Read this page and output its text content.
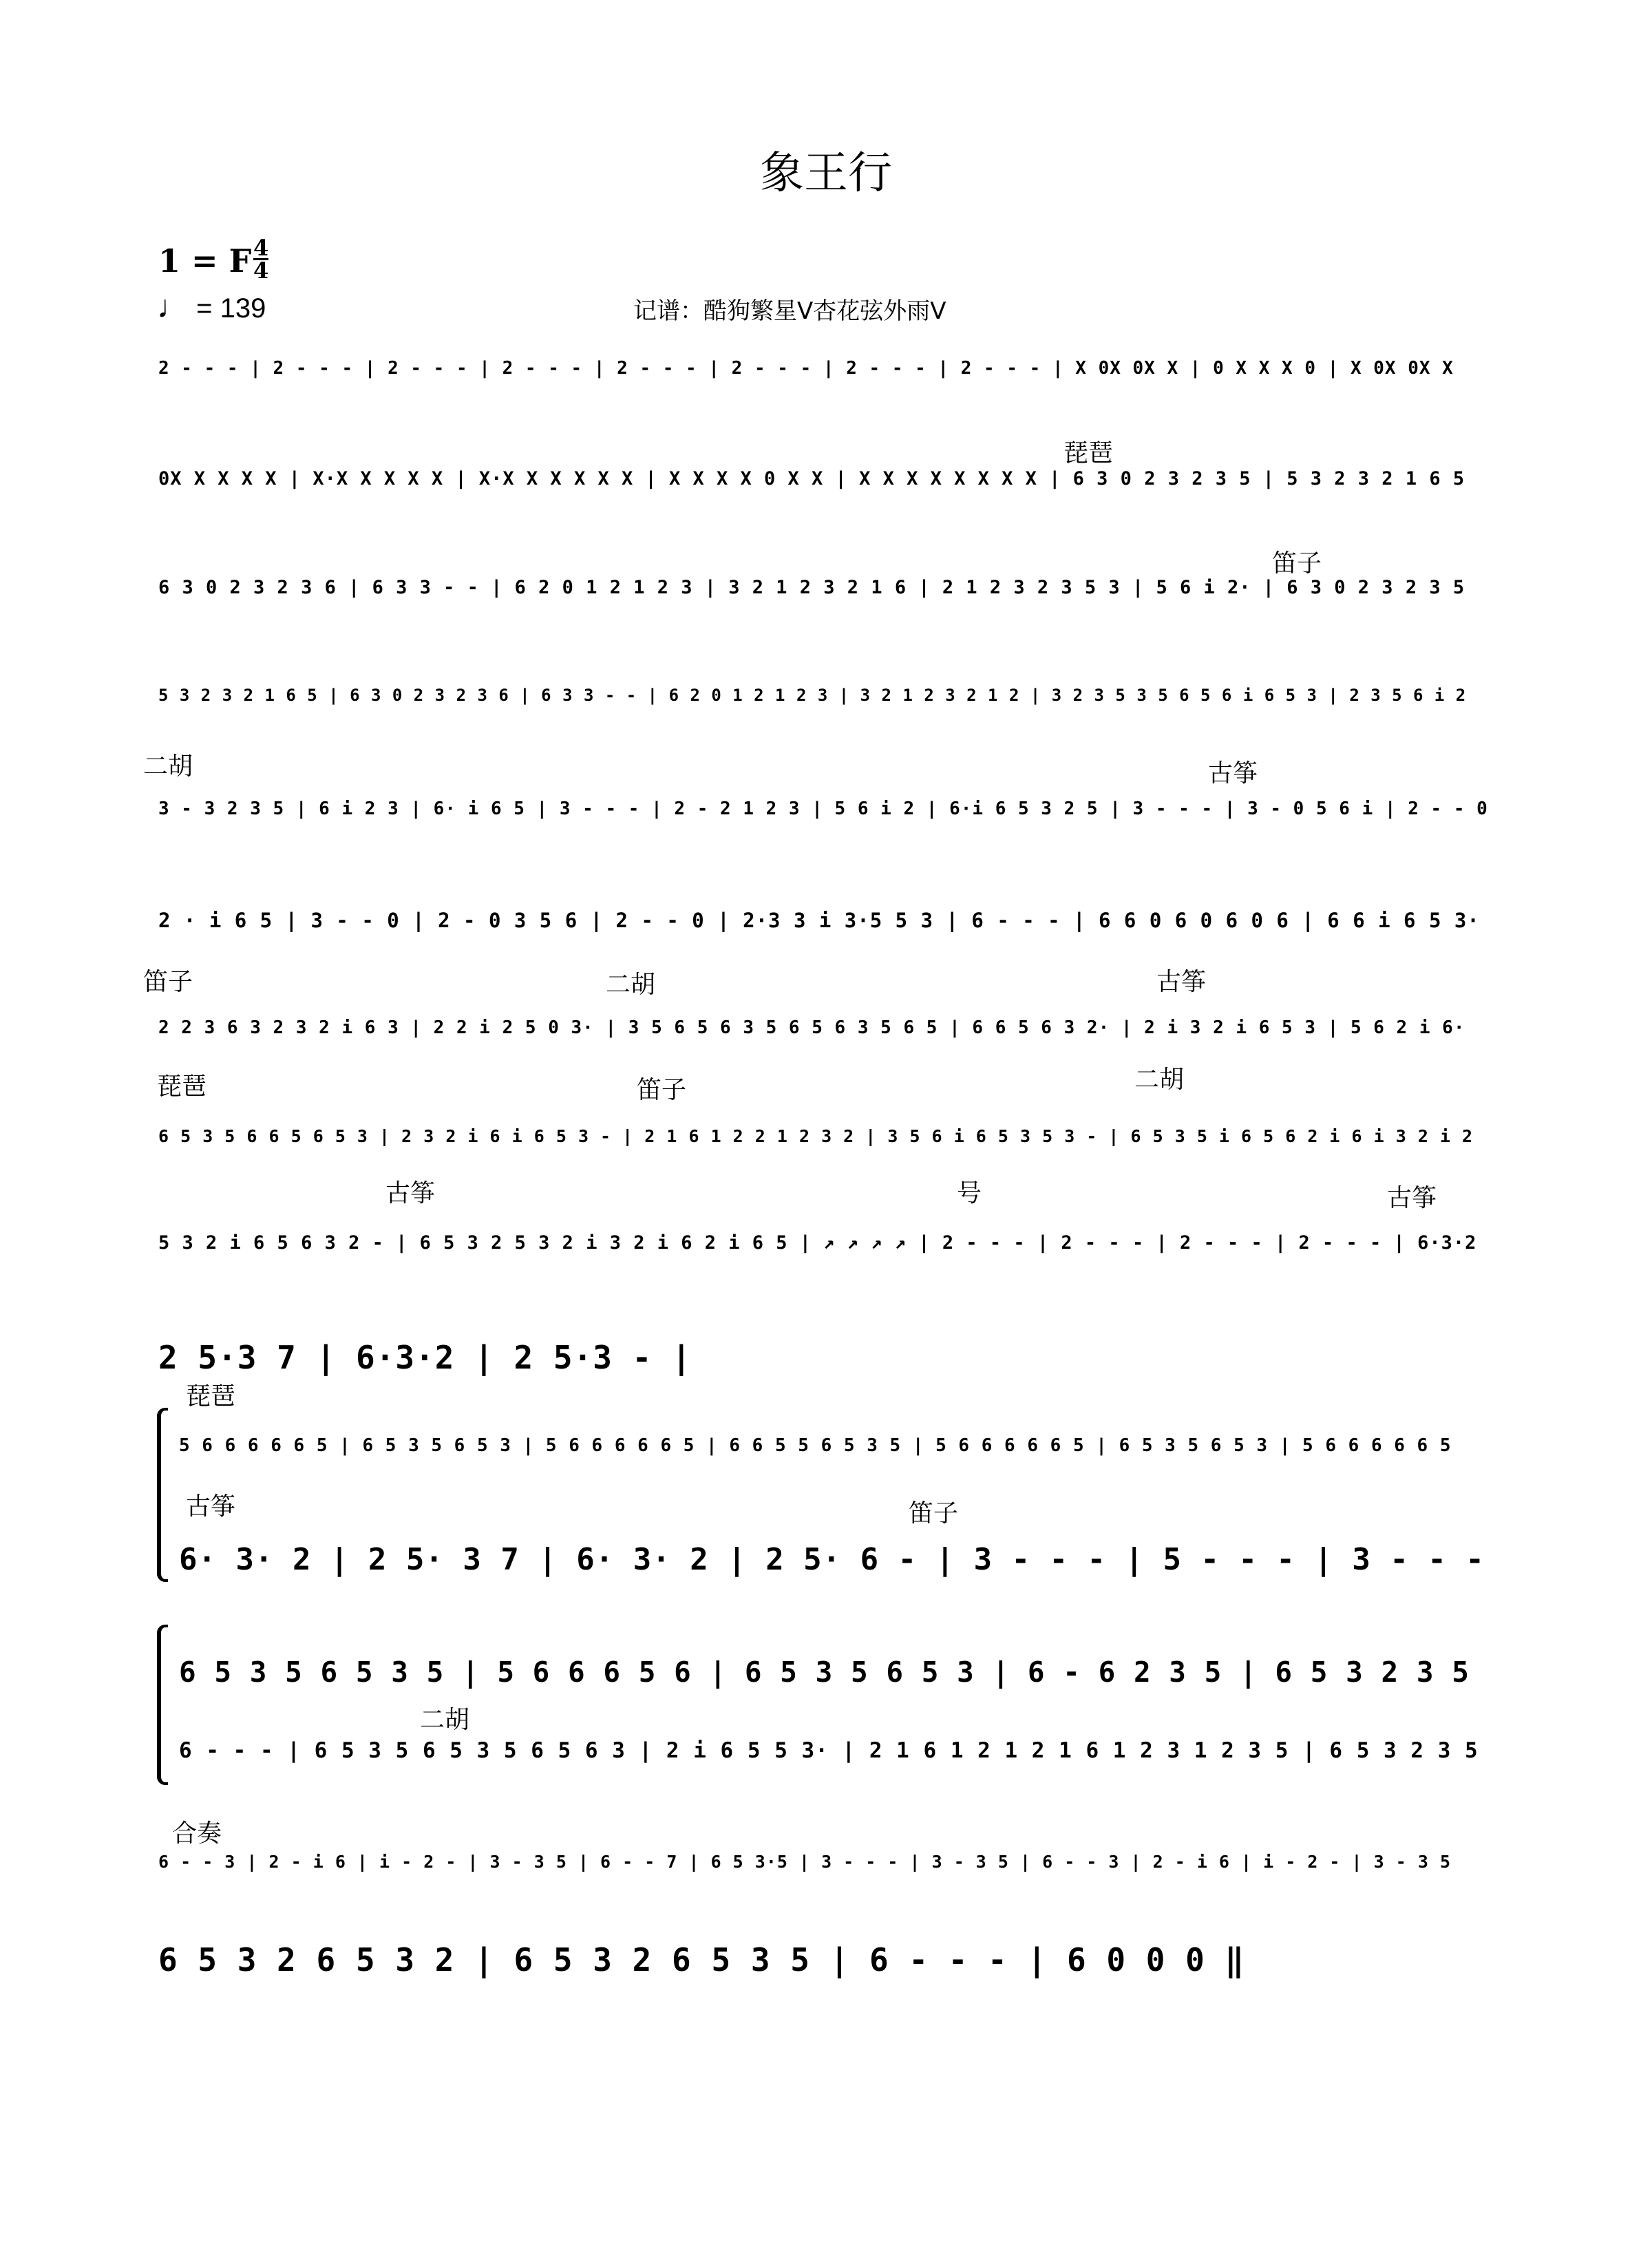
象王行
1 = F $\frac{4}{4}$
♩ = 139	记谱：酷狗繁星V杏花弦外雨V
琵琶
笛子
二胡	古筝
笛子	二胡	古筝
琵琶	笛子	二胡
古筝	号	古筝
琵琶
古筝	笛子
二胡
合奏
2 - - - | 2 - - - | 2 - - - | 2 - - - | 2 - - - | 2 - - - | 2 - - - | 2 - - - | X 0X 0X X | 0 X X X 0 | X 0X 0X X
0X X X X X | X·X X X X X | X·X X X X X X | X X X X 0 X X | X X X X X X X X | 6 3 0 2 3 2 3 5 | 5 3 2 3 2 1 6 5
6 3 0 2 3 2 3 6 | 6 3 3 - - | 6 2 0 1 2 1 2 3 | 3 2 1 2 3 2 1 6 | 2 1 2 3 2 3 5 3 | 5 6 i 2· | 6 3 0 2 3 2 3 5
5 3 2 3 2 1 6 5 | 6 3 0 2 3 2 3 6 | 6 3 3 - - | 6 2 0 1 2 1 2 3 | 3 2 1 2 3 2 1 2 | 3 2 3 5 3 5 6 5 6 i 6 5 3 | 2 3 5 6 i 2
3 - 3 2 3 5 | 6 i 2 3 | 6· i 6 5 | 3 - - - | 2 - 2 1 2 3 | 5 6 i 2 | 6·i 6 5 3 2 5 | 3 - - - | 3 - 0 5 6 i | 2 - - 0
2 · i 6 5 | 3 - - 0 | 2 - 0 3 5 6 | 2 - - 0 | 2·3 3 i 3·5 5 3 | 6 - - - | 6 6 0 6 0 6 0 6 | 6 6 i 6 5 3·
2 2 3 6 3 2 3 2 i 6 3 | 2 2 i 2 5 0 3· | 3 5 6 5 6 3 5 6 5 6 3 5 6 5 | 6 6 5 6 3 2· | 2 i 3 2 i 6 5 3 | 5 6 2 i 6·
6 5 3 5 6 6 5 6 5 3 | 2 3 2 i 6 i 6 5 3 - | 2 1 6 1 2 2 1 2 3 2 | 3 5 6 i 6 5 3 5 3 - | 6 5 3 5 i 6 5 6 2 i 6 i 3 2 i 2
5 3 2 i 6 5 6 3 2 - | 6 5 3 2 5 3 2 i 3 2 i 6 2 i 6 5 | ↗ ↗ ↗ ↗ | 2 - - - | 2 - - - | 2 - - - | 2 - - - | 6·3·2
2 5·3 7 | 6·3·2 | 2 5·3 - |
5 6 6 6 6 6 5 | 6 5 3 5 6 5 3 | 5 6 6 6 6 6 5 | 6 6 5 5 6 5 3 5 | 5 6 6 6 6 6 5 | 6 5 3 5 6 5 3 | 5 6 6 6 6 6 5
6· 3· 2 | 2 5· 3 7 | 6· 3· 2 | 2 5· 6 - | 3 - - - | 5 - - - | 3 - - -
6 5 3 5 6 5 3 5 | 5 6 6 6 5 6 | 6 5 3 5 6 5 3 | 6 - 6 2 3 5 | 6 5 3 2 3 5
6 - - - | 6 5 3 5 6 5 3 5 6 5 6 3 | 2 i 6 5 5 3· | 2 1 6 1 2 1 2 1 6 1 2 3 1 2 3 5 | 6 5 3 2 3 5
6 - - 3 | 2 - i 6 | i - 2 - | 3 - 3 5 | 6 - - 7 | 6 5 3·5 | 3 - - - | 3 - 3 5 | 6 - - 3 | 2 - i 6 | i - 2 - | 3 - 3 5
6 5 3 2 6 5 3 2 | 6 5 3 2 6 5 3 5 | 6 - - - | 6 0 0 0 ‖
